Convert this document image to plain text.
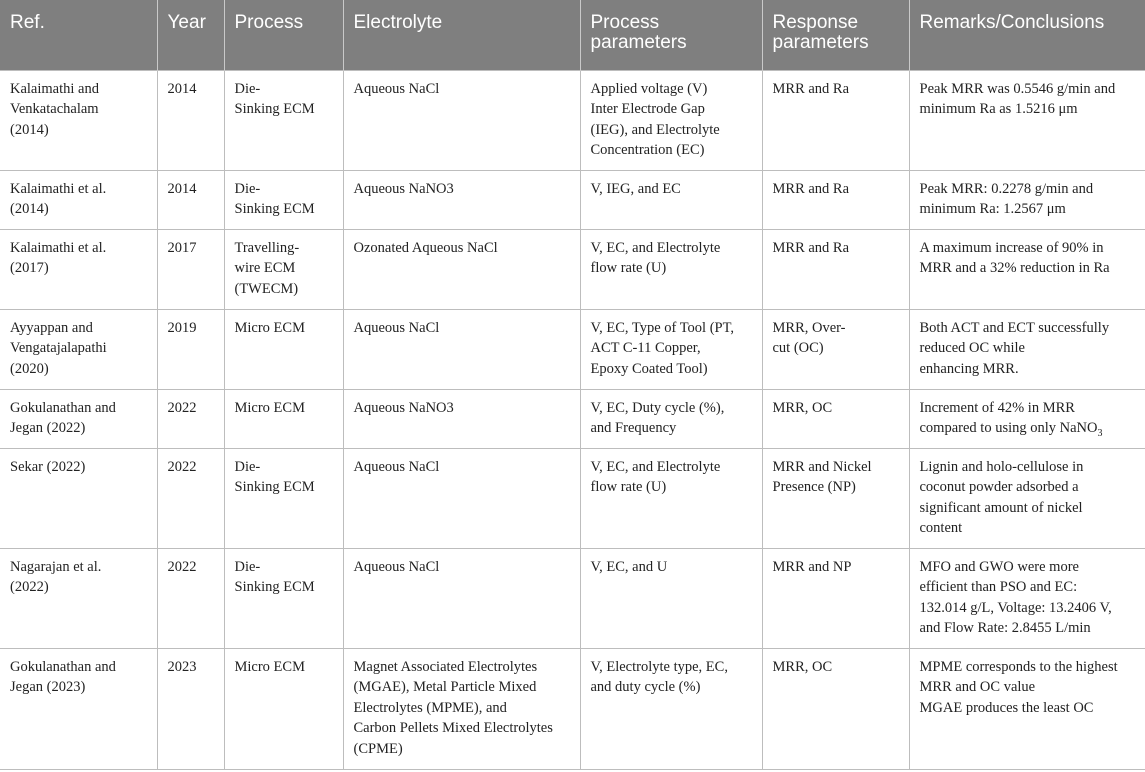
Ref.	Year	Process	Electrolyte	Process
parameters	Response
parameters	Remarks/Conclusions

Kalaimathi and
Venkatachalam
(2014)	2014	Die-
Sinking ECM	Aqueous NaCl	Applied voltage (V)
Inter Electrode Gap
(IEG), and Electrolyte
Concentration (EC)	MRR and Ra	Peak MRR was 0.5546 g/min and
minimum Ra as 1.5216 μm

Kalaimathi et al.
(2014)	2014	Die-
Sinking ECM	Aqueous NaNO3	V, IEG, and EC	MRR and Ra	Peak MRR: 0.2278 g/min and
minimum Ra: 1.2567 μm

Kalaimathi et al.
(2017)	2017	Travelling-
wire ECM
(TWECM)	Ozonated Aqueous NaCl	V, EC, and Electrolyte
flow rate (U)	MRR and Ra	A maximum increase of 90% in
MRR and a 32% reduction in Ra

Ayyappan and
Vengatajalapathi
(2020)	2019	Micro ECM	Aqueous NaCl	V, EC, Type of Tool (PT,
ACT C-11 Copper,
Epoxy Coated Tool)	MRR, Over-
cut (OC)	Both ACT and ECT successfully
reduced OC while
enhancing MRR.

Gokulanathan and
Jegan (2022)	2022	Micro ECM	Aqueous NaNO3	V, EC, Duty cycle (%),
and Frequency	MRR, OC	Increment of 42% in MRR
compared to using only NaNO$_3$

Sekar (2022)	2022	Die-
Sinking ECM	Aqueous NaCl	V, EC, and Electrolyte
flow rate (U)	MRR and Nickel
Presence (NP)	Lignin and holo-cellulose in
coconut powder adsorbed a
significant amount of nickel
content

Nagarajan et al.
(2022)	2022	Die-
Sinking ECM	Aqueous NaCl	V, EC, and U	MRR and NP	MFO and GWO were more
efficient than PSO and EC:
132.014 g/L, Voltage: 13.2406 V,
and Flow Rate: 2.8455 L/min

Gokulanathan and
Jegan (2023)	2023	Micro ECM	Magnet Associated Electrolytes
(MGAE), Metal Particle Mixed
Electrolytes (MPME), and
Carbon Pellets Mixed Electrolytes
(CPME)	V, Electrolyte type, EC,
and duty cycle (%)	MRR, OC	MPME corresponds to the highest
MRR and OC value
MGAE produces the least OC
